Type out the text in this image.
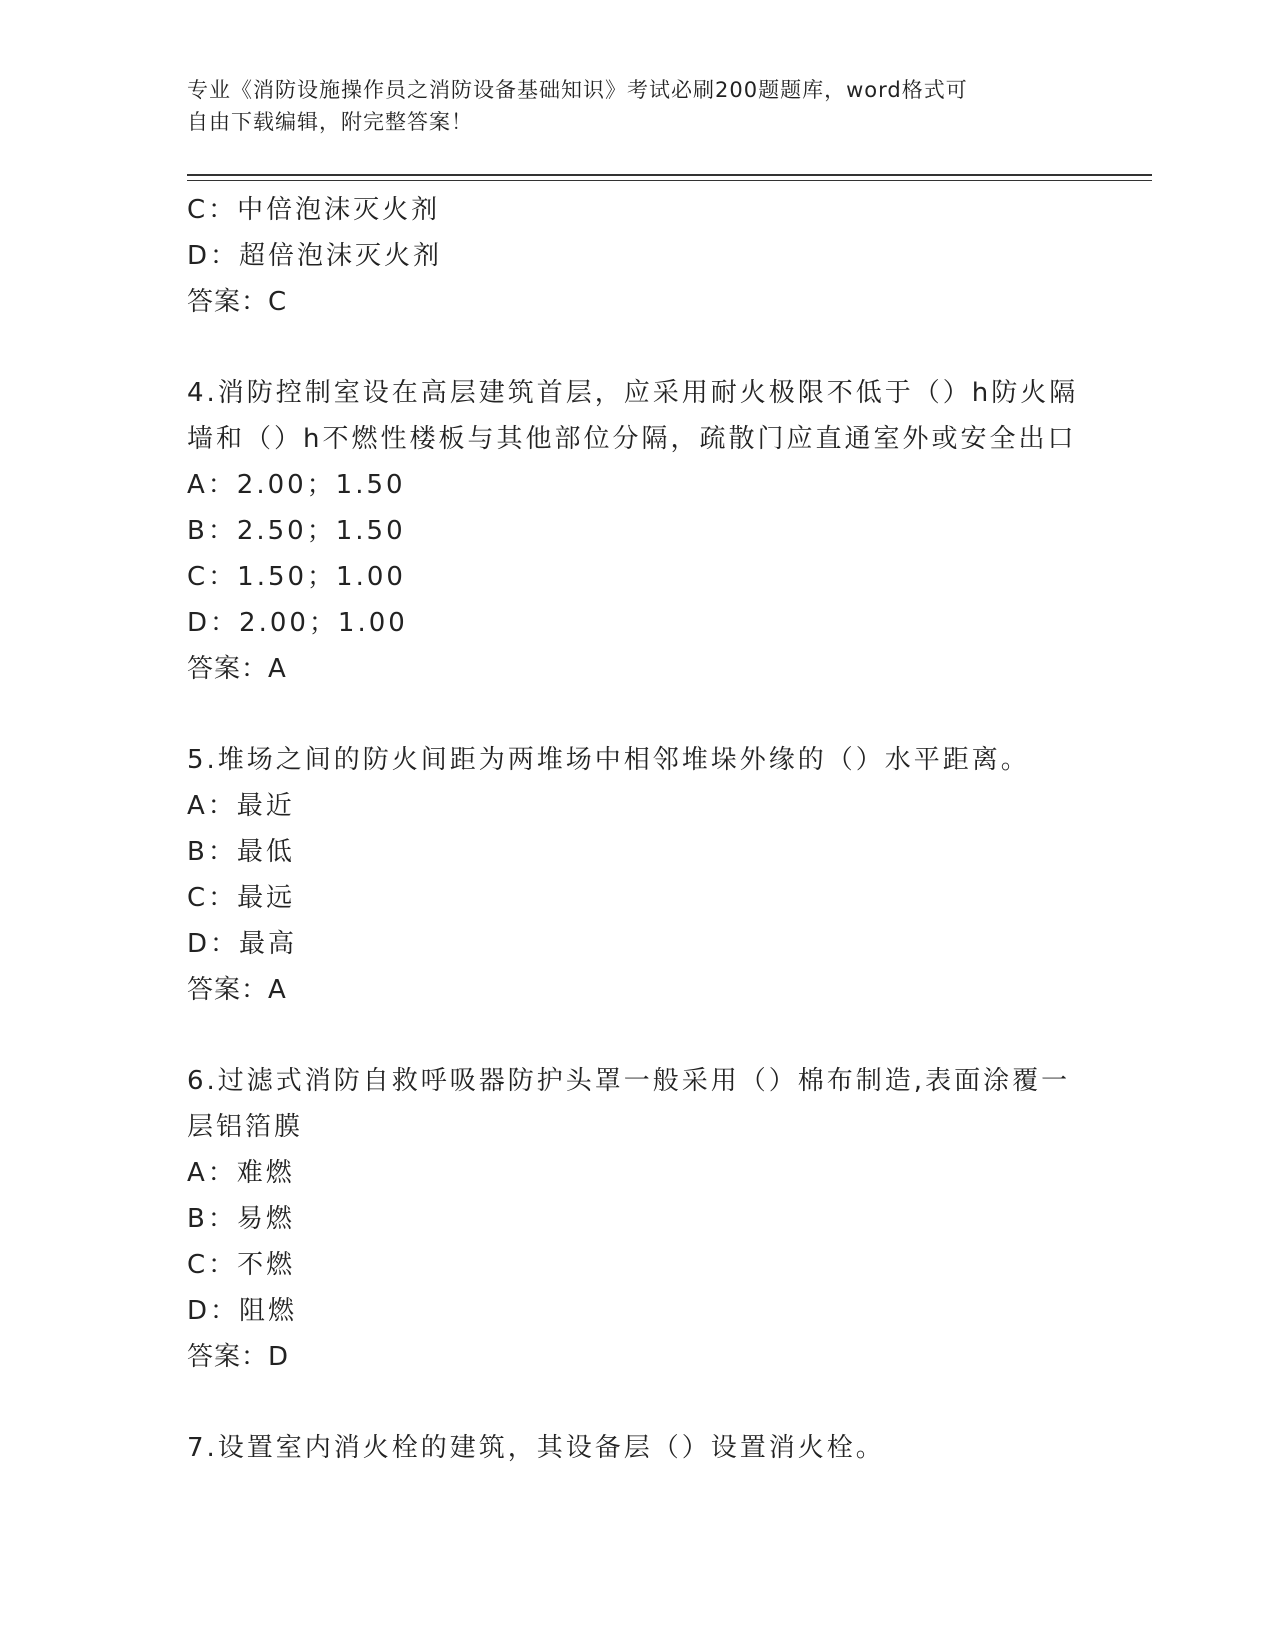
专业《消防设施操作员之消防设备基础知识》考试必刷200题题库，word格式可
自由下载编辑，附完整答案！
C：中倍泡沫灭火剂
D：超倍泡沫灭火剂
答案：C
4.消防控制室设在高层建筑首层，应采用耐火极限不低于（）h防火隔
墙和（）h不燃性楼板与其他部位分隔，疏散门应直通室外或安全出口
A：2.00；1.50
B：2.50；1.50
C：1.50；1.00
D：2.00；1.00
答案：A
5.堆场之间的防火间距为两堆场中相邻堆垛外缘的（）水平距离。
A：最近
B：最低
C：最远
D：最高
答案：A
6.过滤式消防自救呼吸器防护头罩一般采用（）棉布制造,表面涂覆一
层铝箔膜
A：难燃
B：易燃
C：不燃
D：阻燃
答案：D
7.设置室内消火栓的建筑，其设备层（）设置消火栓。
